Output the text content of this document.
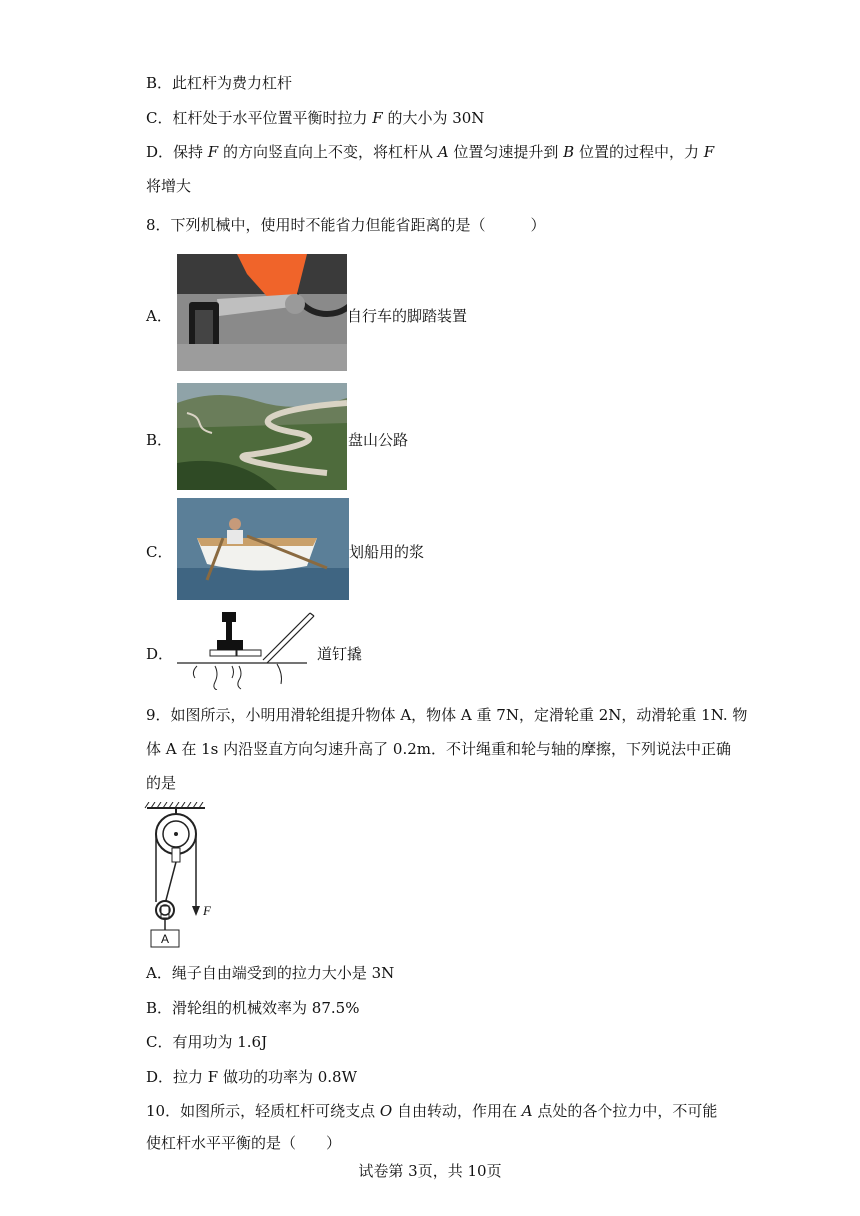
B．此杠杆为费力杠杆
C．杠杆处于水平位置平衡时拉力 F 的大小为 30N
D．保持 F 的方向竖直向上不变，将杠杆从 A 位置匀速提升到 B 位置的过程中，力 F
将增大
8．下列机械中，使用时不能省力但能省距离的是（　　　）
A．	自行车的脚踏装置
B．	盘山公路
C．	划船用的浆
D．	道钉撬
9．如图所示，小明用滑轮组提升物体 A，物体 A 重 7N，定滑轮重 2N，动滑轮重 1N. 物
体 A 在 1s 内沿竖直方向匀速升高了 0.2m．不计绳重和轮与轴的摩擦，下列说法中正确
的是
A
F
A．绳子自由端受到的拉力大小是 3N
B．滑轮组的机械效率为 87.5%
C．有用功为 1.6J
D．拉力 F 做功的功率为 0.8W
10．如图所示，轻质杠杆可绕支点 O 自由转动，作用在 A 点处的各个拉力中，不可能
使杠杆水平平衡的是（　　）
试卷第 3页，共 10页
